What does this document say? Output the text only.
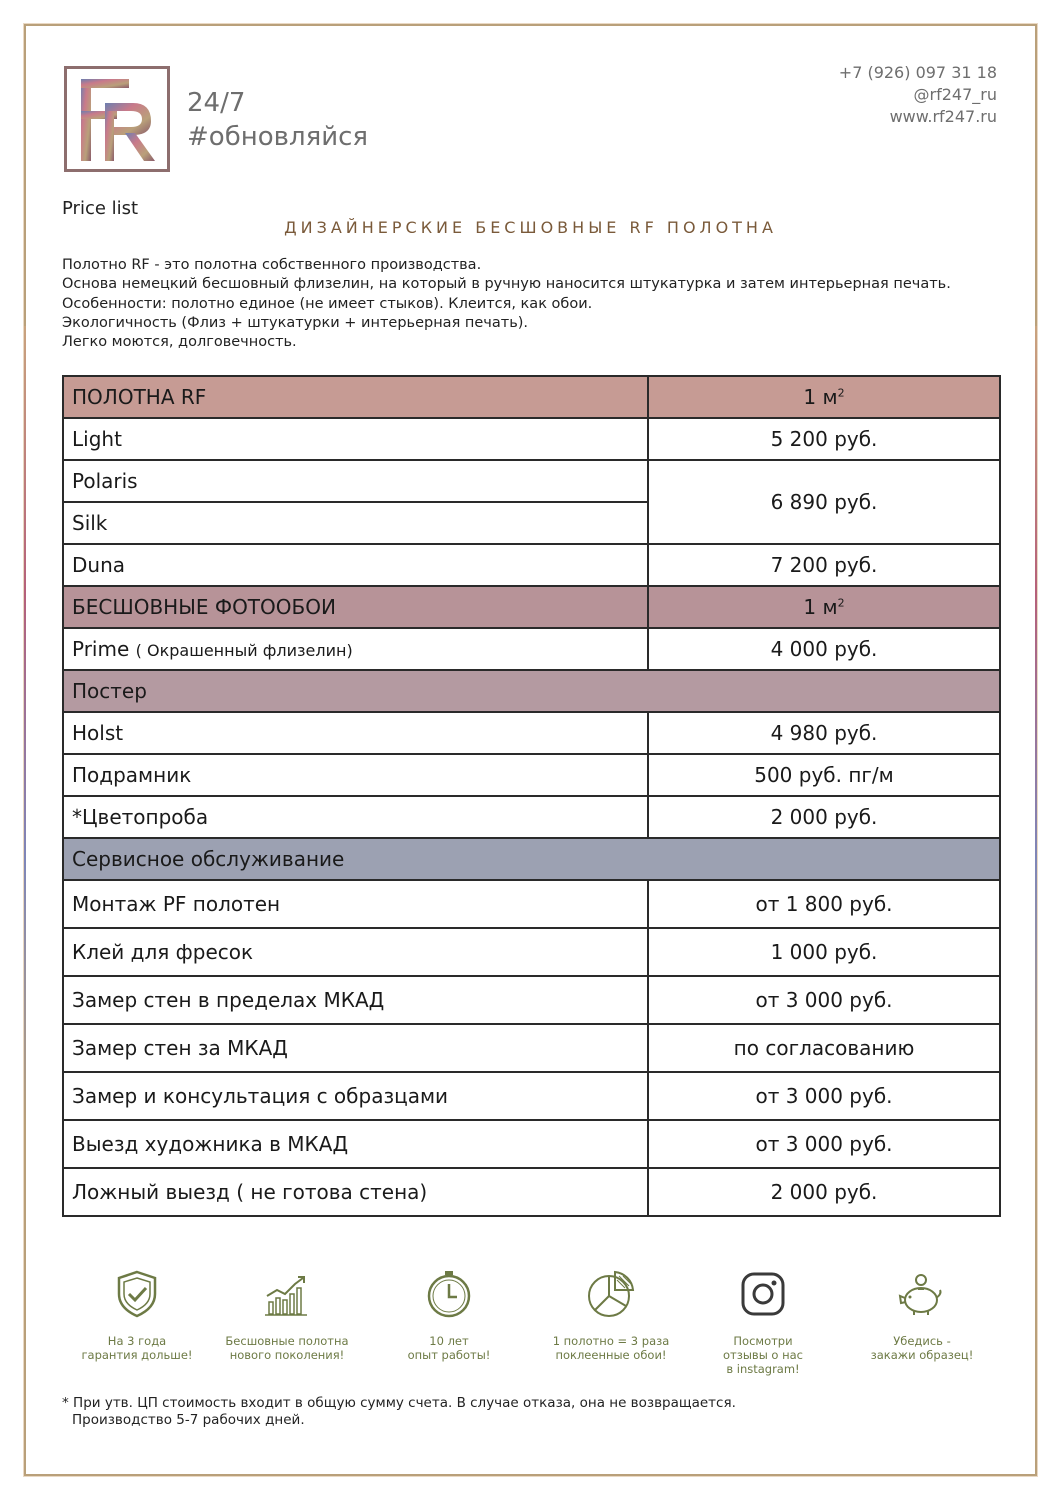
24/7
#обновляйся
+7 (926) 097 31 18
@rf247_ru
www.rf247.ru
Price list
ДИЗАЙНЕРСКИЕ БЕСШОВНЫЕ RF ПОЛОТНА
Полотно RF - это полотна собственного производства.
Основа немецкий бесшовный флизелин, на который в ручную наносится штукатурка и затем интерьерная печать.
Особенности: полотно единое (не имеет стыков). Клеится, как обои.
Экологичность (Флиз + штукатурки + интерьерная печать).
Легко моются, долговечность.
ПОЛОТНА RF	1 $м^2$
Light	5 200 руб.
Polaris	6 890 руб.
Silk	
Duna	7 200 руб.
БЕСШОВНЫЕ ФОТООБОИ	1 $м^2$
Prime ( Окрашенный флизелин)	4 000 руб.
Постер	
Holst	4 980 руб.
Подрамник	500 руб. пг/м
*Цветопроба	2 000 руб.
Сервисное обслуживание	
Монтаж PF полотен	от 1 800 руб.
Клей для фресок	1 000 руб.
Замер стен в пределах МКАД	от 3 000 руб.
Замер стен за МКАД	по согласованию
Замер и консультация с образцами	от 3 000 руб.
Выезд художника в МКАД	от 3 000 руб.
Ложный выезд ( не готова стена)	2 000 руб.
На 3 года
гарантия дольше!
Бесшовные полотна
нового поколения!
10 лет
опыт работы!
1 полотно = 3 раза
поклеенные обои!
Посмотри
отзывы о нас
в instagram!
Убедись -
закажи образец!
* При утв. ЦП стоимость входит в общую сумму счета. В случае отказа, она не возвращается.
Производство 5-7 рабочих дней.
